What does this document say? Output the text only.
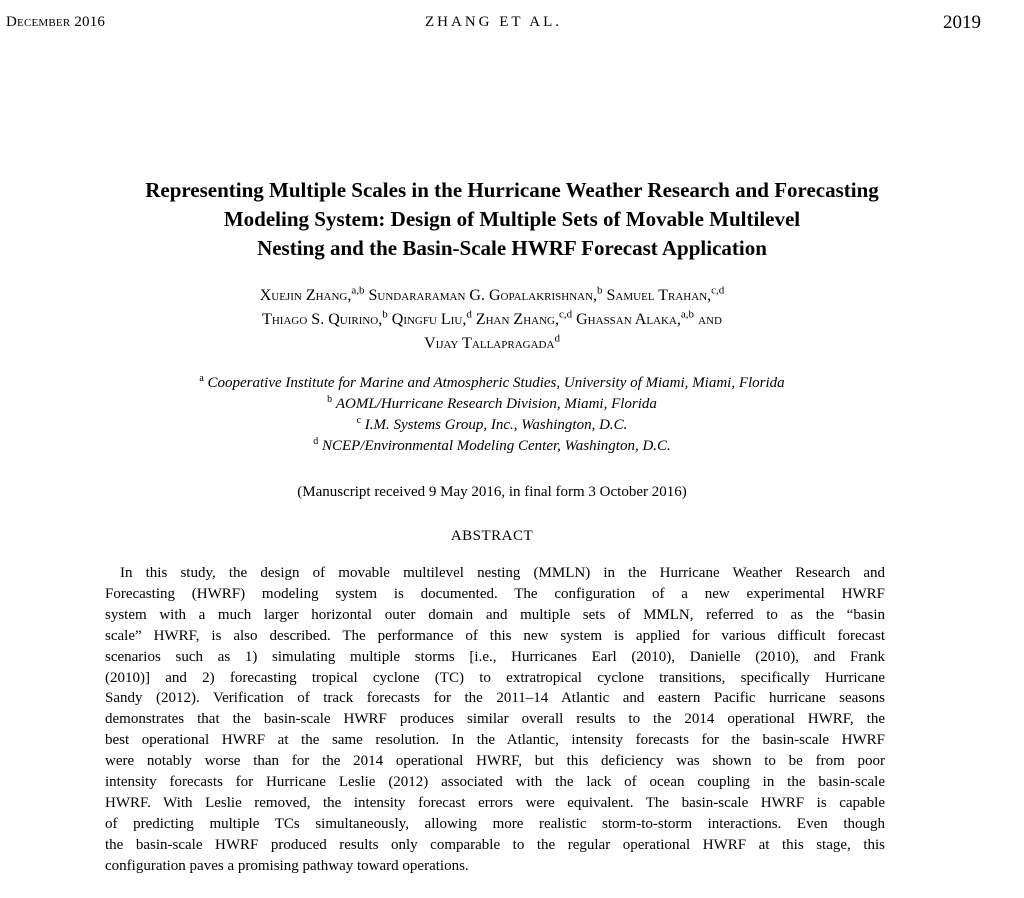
December 2016	ZHANG ET AL.	2019
Representing Multiple Scales in the Hurricane Weather Research and Forecasting
Modeling System: Design of Multiple Sets of Movable Multilevel
Nesting and the Basin-Scale HWRF Forecast Application
Xuejin Zhang,$^{a,b}$ Sundararaman G. Gopalakrishnan,$^b$ Samuel Trahan,$^{c,d}$
Thiago S. Quirino,$^b$ Qingfu Liu,$^d$ Zhan Zhang,$^{c,d}$ Ghassan Alaka,$^{a,b}$ and
Vijay Tallapragada$^d$
$^a$ Cooperative Institute for Marine and Atmospheric Studies, University of Miami, Miami, Florida
$^b$ AOML/Hurricane Research Division, Miami, Florida
$^c$ I.M. Systems Group, Inc., Washington, D.C.
$^d$ NCEP/Environmental Modeling Center, Washington, D.C.
(Manuscript received 9 May 2016, in final form 3 October 2016)
ABSTRACT
In this study, the design of movable multilevel nesting (MMLN) in the Hurricane Weather Research and
Forecasting (HWRF) modeling system is documented. The configuration of a new experimental HWRF
system with a much larger horizontal outer domain and multiple sets of MMLN, referred to as the “basin
scale” HWRF, is also described. The performance of this new system is applied for various difficult forecast
scenarios such as 1) simulating multiple storms [i.e., Hurricanes Earl (2010), Danielle (2010), and Frank
(2010)] and 2) forecasting tropical cyclone (TC) to extratropical cyclone transitions, specifically Hurricane
Sandy (2012). Verification of track forecasts for the 2011–14 Atlantic and eastern Pacific hurricane seasons
demonstrates that the basin-scale HWRF produces similar overall results to the 2014 operational HWRF, the
best operational HWRF at the same resolution. In the Atlantic, intensity forecasts for the basin-scale HWRF
were notably worse than for the 2014 operational HWRF, but this deficiency was shown to be from poor
intensity forecasts for Hurricane Leslie (2012) associated with the lack of ocean coupling in the basin-scale
HWRF. With Leslie removed, the intensity forecast errors were equivalent. The basin-scale HWRF is capable
of predicting multiple TCs simultaneously, allowing more realistic storm-to-storm interactions. Even though
the basin-scale HWRF produced results only comparable to the regular operational HWRF at this stage, this
configuration paves a promising pathway toward operations.
